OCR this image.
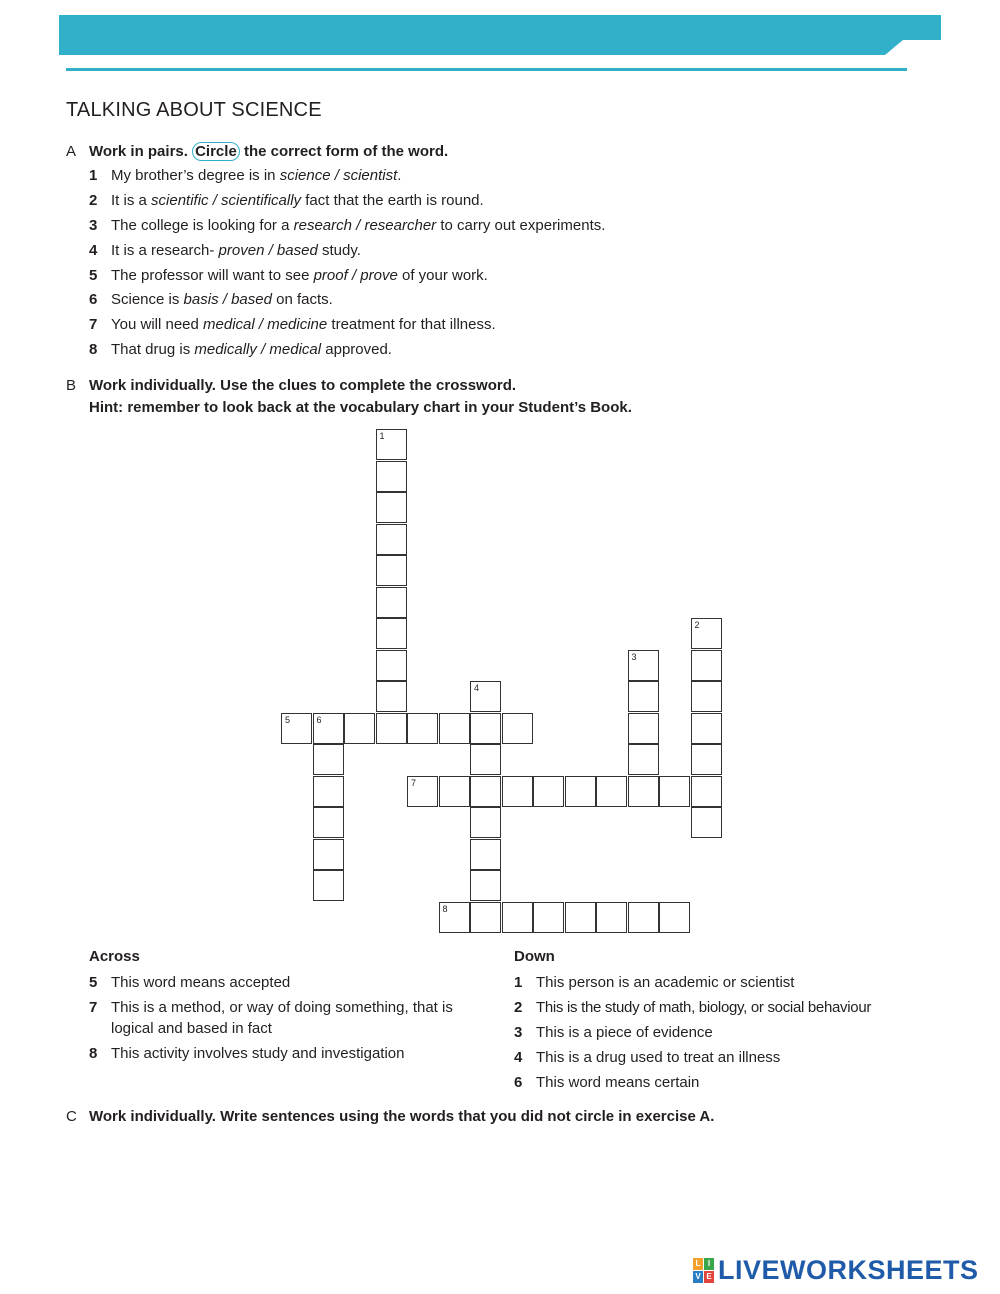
TALKING ABOUT SCIENCE
A Work in pairs. Circle the correct form of the word.
1 My brother’s degree is in science / scientist.
2 It is a scientific / scientifically fact that the earth is round.
3 The college is looking for a research / researcher to carry out experiments.
4 It is a research- proven / based study.
5 The professor will want to see proof / prove of your work.
6 Science is basis / based on facts.
7 You will need medical / medicine treatment for that illness.
8 That drug is medically / medical approved.
B Work individually. Use the clues to complete the crossword.
Hint: remember to look back at the vocabulary chart in your Student’s Book.
1
2
3
4
5	6
7
8
Across	Down
5 This word means accepted
7 This is a method, or way of doing something, that is logical and based in fact
8 This activity involves study and investigation
1 This person is an academic or scientist
2 This is the study of math, biology, or social behaviour
3 This is a piece of evidence
4 This is a drug used to treat an illness
6 This word means certain
C Work individually. Write sentences using the words that you did not circle in exercise A.
L I
V E LIVEWORKSHEETS
